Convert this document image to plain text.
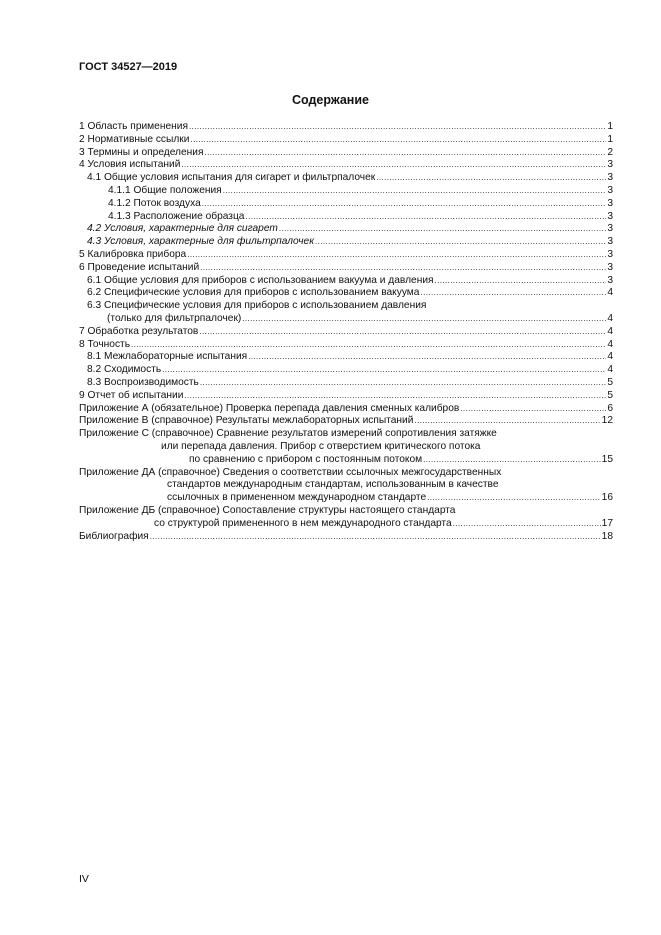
ГОСТ 34527—2019
Содержание
1 Область применения .....	1
2 Нормативные ссылки .....	1
3 Термины и определения .....	2
4 Условия испытаний .....	3
4.1 Общие условия испытания для сигарет и фильтрпалочек .....	3
4.1.1 Общие положения .....	3
4.1.2 Поток воздуха .....	3
4.1.3 Расположение образца .....	3
4.2 Условия, характерные для сигарет .....	3
4.3 Условия, характерные для фильтрпалочек .....	3
5 Калибровка прибора .....	3
6 Проведение испытаний .....	3
6.1 Общие условия для приборов с использованием вакуума и давления .....	3
6.2 Специфические условия для приборов с использованием вакуума .....	4
6.3 Специфические условия для приборов с использованием давления
(только для фильтрпалочек) .....	4
7 Обработка результатов .....	4
8 Точность .....	4
8.1 Межлабораторные испытания .....	4
8.2 Сходимость .....	4
8.3 Воспроизводимость .....	5
9 Отчет об испытании .....	5
Приложение А (обязательное) Проверка перепада давления сменных калибров .....	6
Приложение В (справочное) Результаты межлабораторных испытаний .....	12
Приложение С (справочное) Сравнение результатов измерений сопротивления затяжке
или перепада давления. Прибор с отверстием критического потока
по сравнению с прибором с постоянным потоком .....	15
Приложение ДА (справочное) Сведения о соответствии ссылочных межгосударственных
стандартов международным стандартам, использованным в качестве
ссылочных в примененном международном стандарте .....	16
Приложение ДБ (справочное) Сопоставление структуры настоящего стандарта
со структурой примененного в нем международного стандарта .....	17
Библиография .....	18
IV
